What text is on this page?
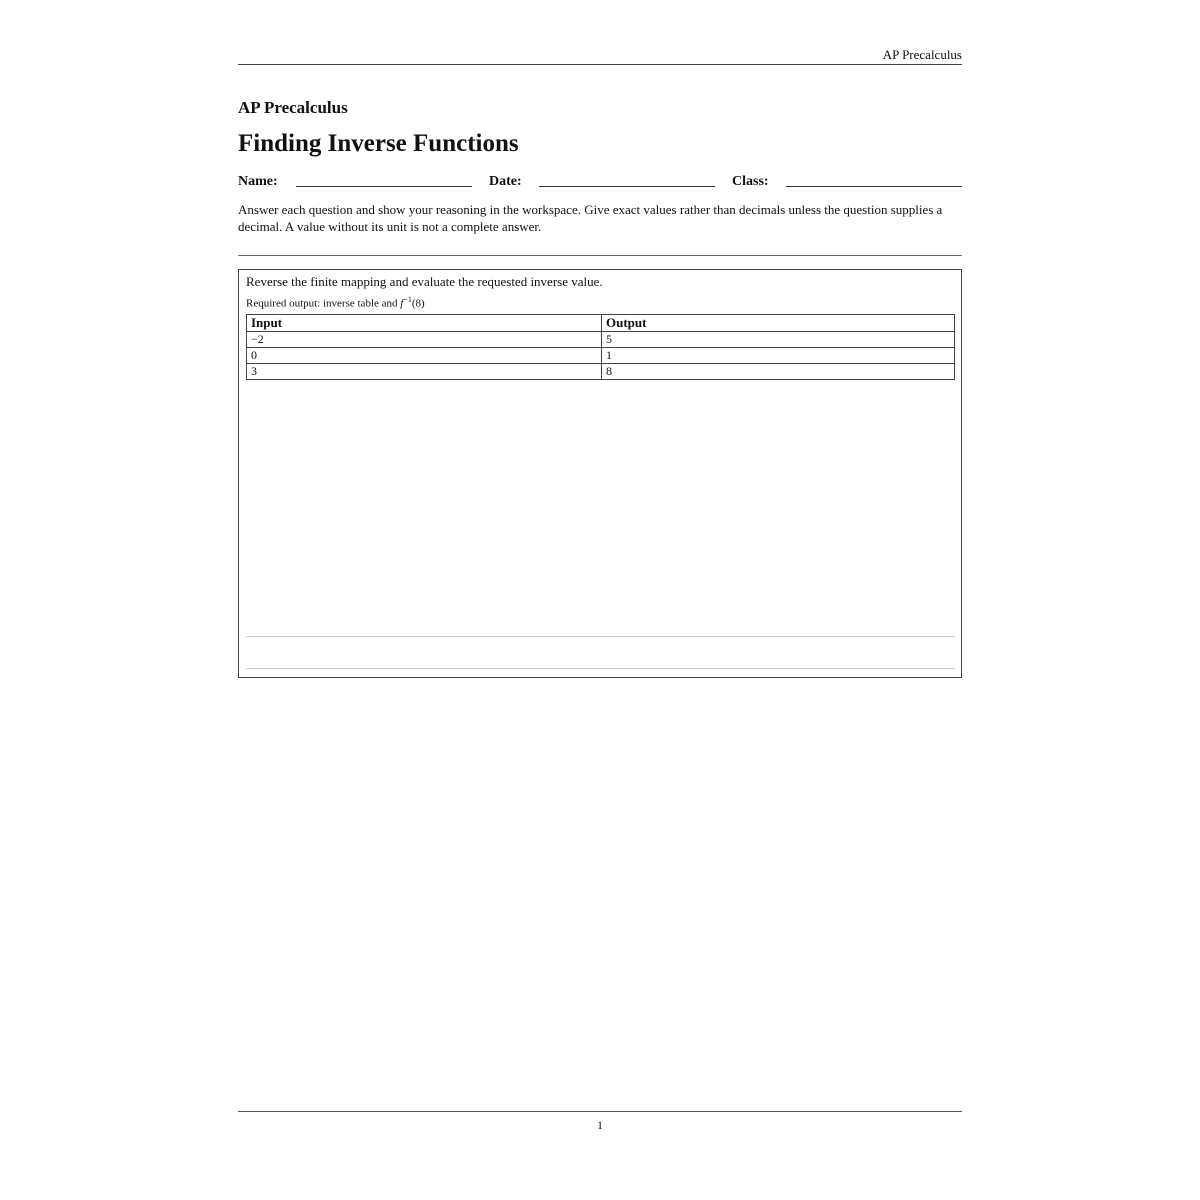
AP Precalculus
AP Precalculus
Finding Inverse Functions
Name:	Date:	Class:
Answer each question and show your reasoning in the workspace. Give exact values rather than decimals unless the question supplies a decimal. A value without its unit is not a complete answer.
Reverse the finite mapping and evaluate the requested inverse value.
Required output: inverse table and $f^{-1}(8)$
Input	Output
−2	5
0	1
3	8
1
